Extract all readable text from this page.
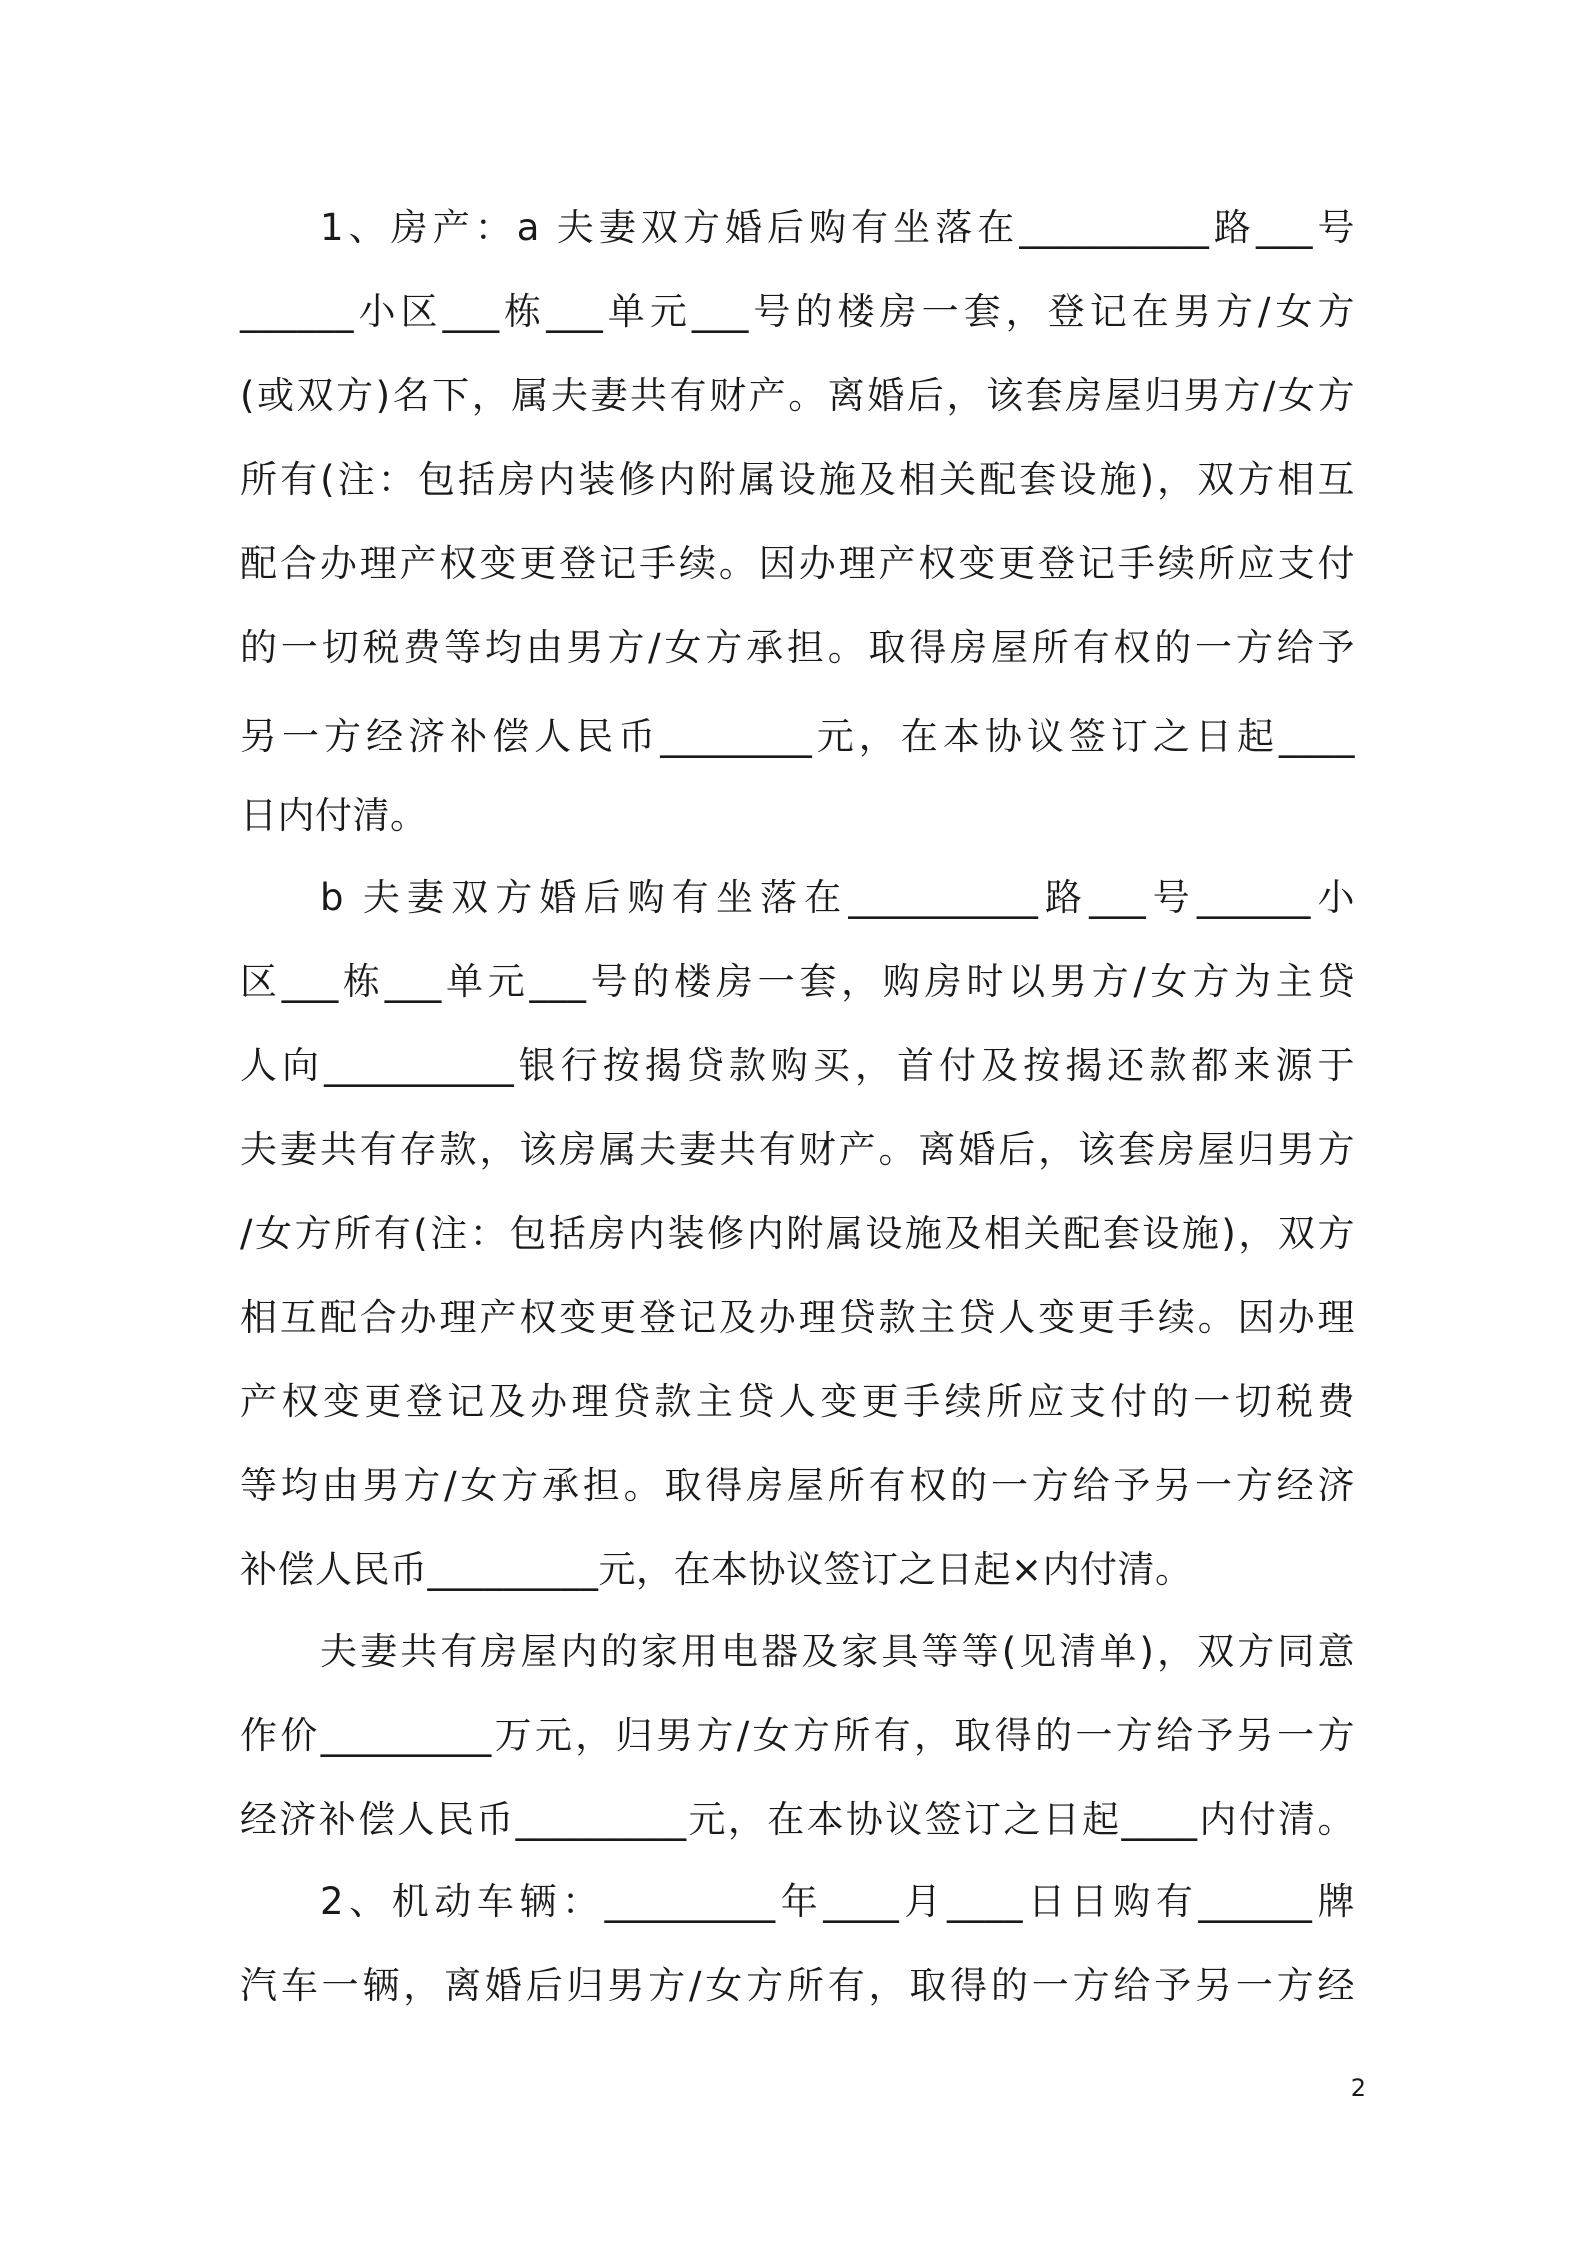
1、房产：a 夫妻双方婚后购有坐落在__________路___号
______小区___栋___单元___号的楼房一套，登记在男方/女方
(或双方)名下，属夫妻共有财产。离婚后，该套房屋归男方/女方
所有(注：包括房内装修内附属设施及相关配套设施)，双方相互
配合办理产权变更登记手续。因办理产权变更登记手续所应支付
的一切税费等均由男方/女方承担。取得房屋所有权的一方给予
另一方经济补偿人民币________元，在本协议签订之日起____
日内付清。
b 夫妻双方婚后购有坐落在__________路___号______小
区___栋___单元___号的楼房一套，购房时以男方/女方为主贷
人向__________银行按揭贷款购买，首付及按揭还款都来源于
夫妻共有存款，该房属夫妻共有财产。离婚后，该套房屋归男方
/女方所有(注：包括房内装修内附属设施及相关配套设施)，双方
相互配合办理产权变更登记及办理贷款主贷人变更手续。因办理
产权变更登记及办理贷款主贷人变更手续所应支付的一切税费
等均由男方/女方承担。取得房屋所有权的一方给予另一方经济
补偿人民币_________元，在本协议签订之日起×内付清。
夫妻共有房屋内的家用电器及家具等等(见清单)，双方同意
作价_________万元，归男方/女方所有，取得的一方给予另一方
经济补偿人民币_________元，在本协议签订之日起____内付清。
2、机动车辆：_________年____月____日日购有______牌
汽车一辆，离婚后归男方/女方所有，取得的一方给予另一方经
2
